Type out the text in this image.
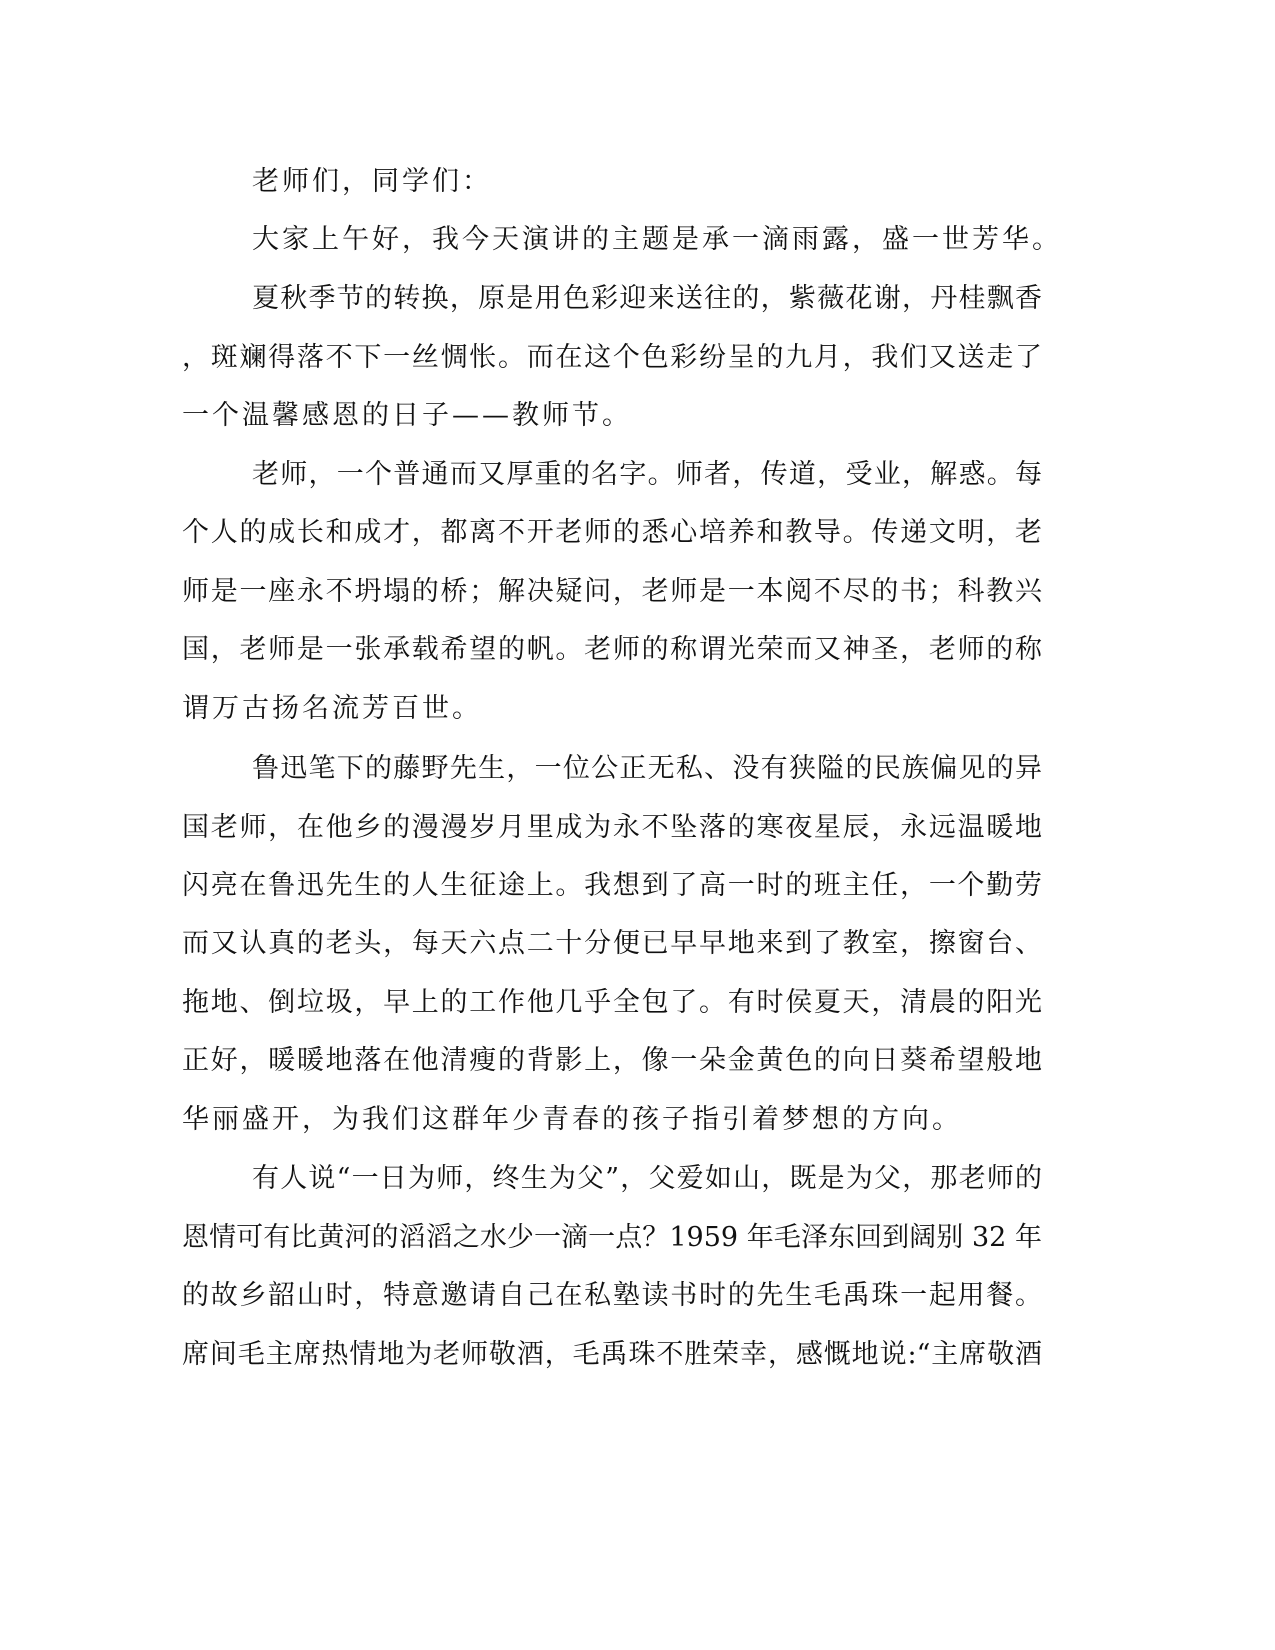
老师们，同学们：
大家上午好，我今天演讲的主题是承一滴雨露，盛一世芳华。
夏秋季节的转换，原是用色彩迎来送往的，紫薇花谢，丹桂飘香
，斑斓得落不下一丝惆怅。而在这个色彩纷呈的九月，我们又送走了
一个温馨感恩的日子——教师节。
老师，一个普通而又厚重的名字。师者，传道，受业，解惑。每
个人的成长和成才，都离不开老师的悉心培养和教导。传递文明，老
师是一座永不坍塌的桥；解决疑问，老师是一本阅不尽的书；科教兴
国，老师是一张承载希望的帆。老师的称谓光荣而又神圣，老师的称
谓万古扬名流芳百世。
鲁迅笔下的藤野先生，一位公正无私、没有狭隘的民族偏见的异
国老师，在他乡的漫漫岁月里成为永不坠落的寒夜星辰，永远温暖地
闪亮在鲁迅先生的人生征途上。我想到了高一时的班主任，一个勤劳
而又认真的老头，每天六点二十分便已早早地来到了教室，擦窗台、
拖地、倒垃圾，早上的工作他几乎全包了。有时侯夏天，清晨的阳光
正好，暖暖地落在他清瘦的背影上，像一朵金黄色的向日葵希望般地
华丽盛开，为我们这群年少青春的孩子指引着梦想的方向。
有人说“一日为师，终生为父”，父爱如山，既是为父，那老师的
恩情可有比黄河的滔滔之水少一滴一点？1959 年毛泽东回到阔别 32 年
的故乡韶山时，特意邀请自己在私塾读书时的先生毛禹珠一起用餐。
席间毛主席热情地为老师敬酒，毛禹珠不胜荣幸，感慨地说:“主席敬酒
